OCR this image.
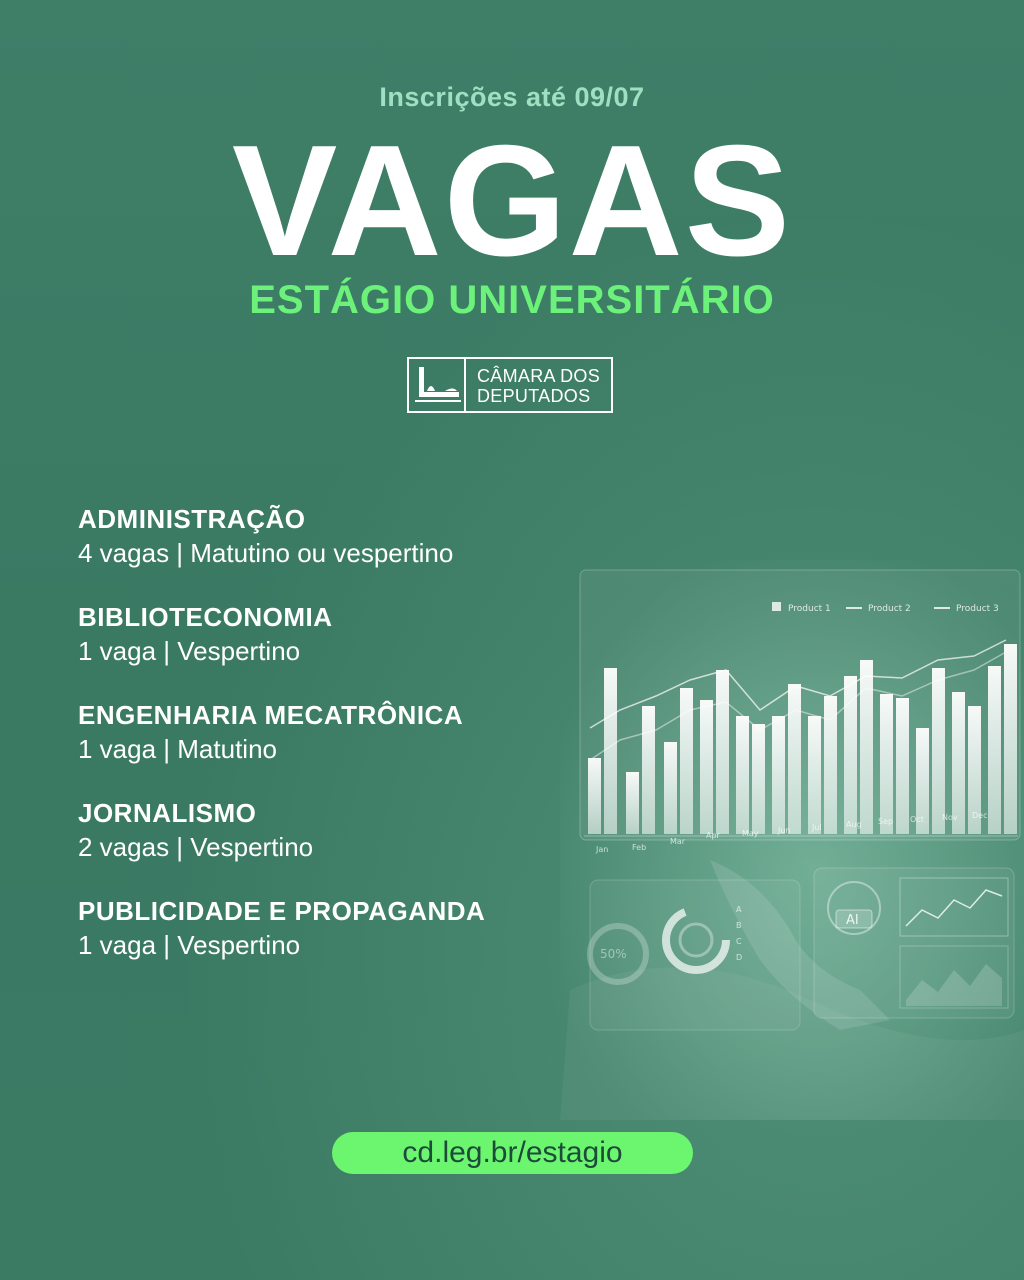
Inscrições até 09/07
VAGAS
ESTÁGIO UNIVERSITÁRIO
CÂMARA DOS
DEPUTADOS
Product 1	Product 2	Product 3
Jan	Feb
Mar
Apr	May Jun	Jul	Aug Sep Oct Nov Dec
50%
A
B
C
D
AI
ADMINISTRAÇÃO
4 vagas | Matutino ou vespertino
BIBLIOTECONOMIA
1 vaga | Vespertino
ENGENHARIA MECATRÔNICA
1 vaga | Matutino
JORNALISMO
2 vagas | Vespertino
PUBLICIDADE E PROPAGANDA
1 vaga | Vespertino
cd.leg.br/estagio
